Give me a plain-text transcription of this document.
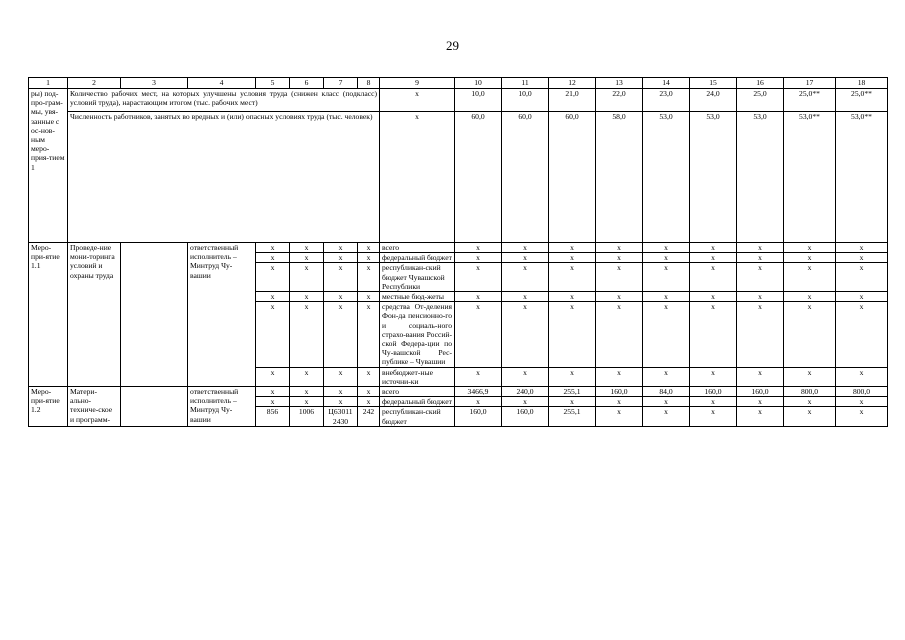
29
1	2	3	4	5	6	7	8	9	10	11	12	13	14	15	16	17	18
ры) под-про-грам-мы, увя-занные с ос-нов-ным меро-прия-тием 1	Количество рабочих мест, на которых улучшены условия труда (снижен класс (подкласс) условий труда), нарастающим итогом (тыс. рабочих мест)							x	10,0	10,0	21,0	22,0	23,0	24,0	25,0	25,0**	25,0**
	Численность работников, занятых во вредных и (или) опасных условиях труда (тыс. человек)							x	60,0	60,0	60,0	58,0	53,0	53,0	53,0	53,0**	53,0**
Меро-при-ятие 1.1	Проведе-ние мони-торинга условий и охраны труда		ответственный исполнитель – Минтруд Чу-вашии	x	x	x	x	всего	x	x	x	x	x	x	x	x	x
				x	x	x	x	федеральный бюджет	x	x	x	x	x	x	x	x	x
				x	x	x	x	республикан-ский бюджет Чувашской Республики	x	x	x	x	x	x	x	x	x
				x	x	x	x	местные бюд-жеты	x	x	x	x	x	x	x	x	x
				x	x	x	x	средства От-деления Фон-да пенсионно-го и социаль-ного страхо-вания Россий-ской Федера-ции по Чу-вашской Рес-публике – Чувашии	x	x	x	x	x	x	x	x	x
				x	x	x	x	внебюджет-ные источни-ки	x	x	x	x	x	x	x	x	x
Меро-при-ятие 1.2	Матери-ально-техниче-ское и программ-		ответственный исполнитель – Минтруд Чу-вашии	x	x	x	x	всего	3466,9	240,0	255,1	160,0	84,0	160,0	160,0	800,0	800,0
				x	x	x	x	федеральный бюджет	x	x	x	x	x	x	x	x	x
				856	1006	Ц63011 2430	242	республикан-ский бюджет	160,0	160,0	255,1	x	x	x	x	x	x
